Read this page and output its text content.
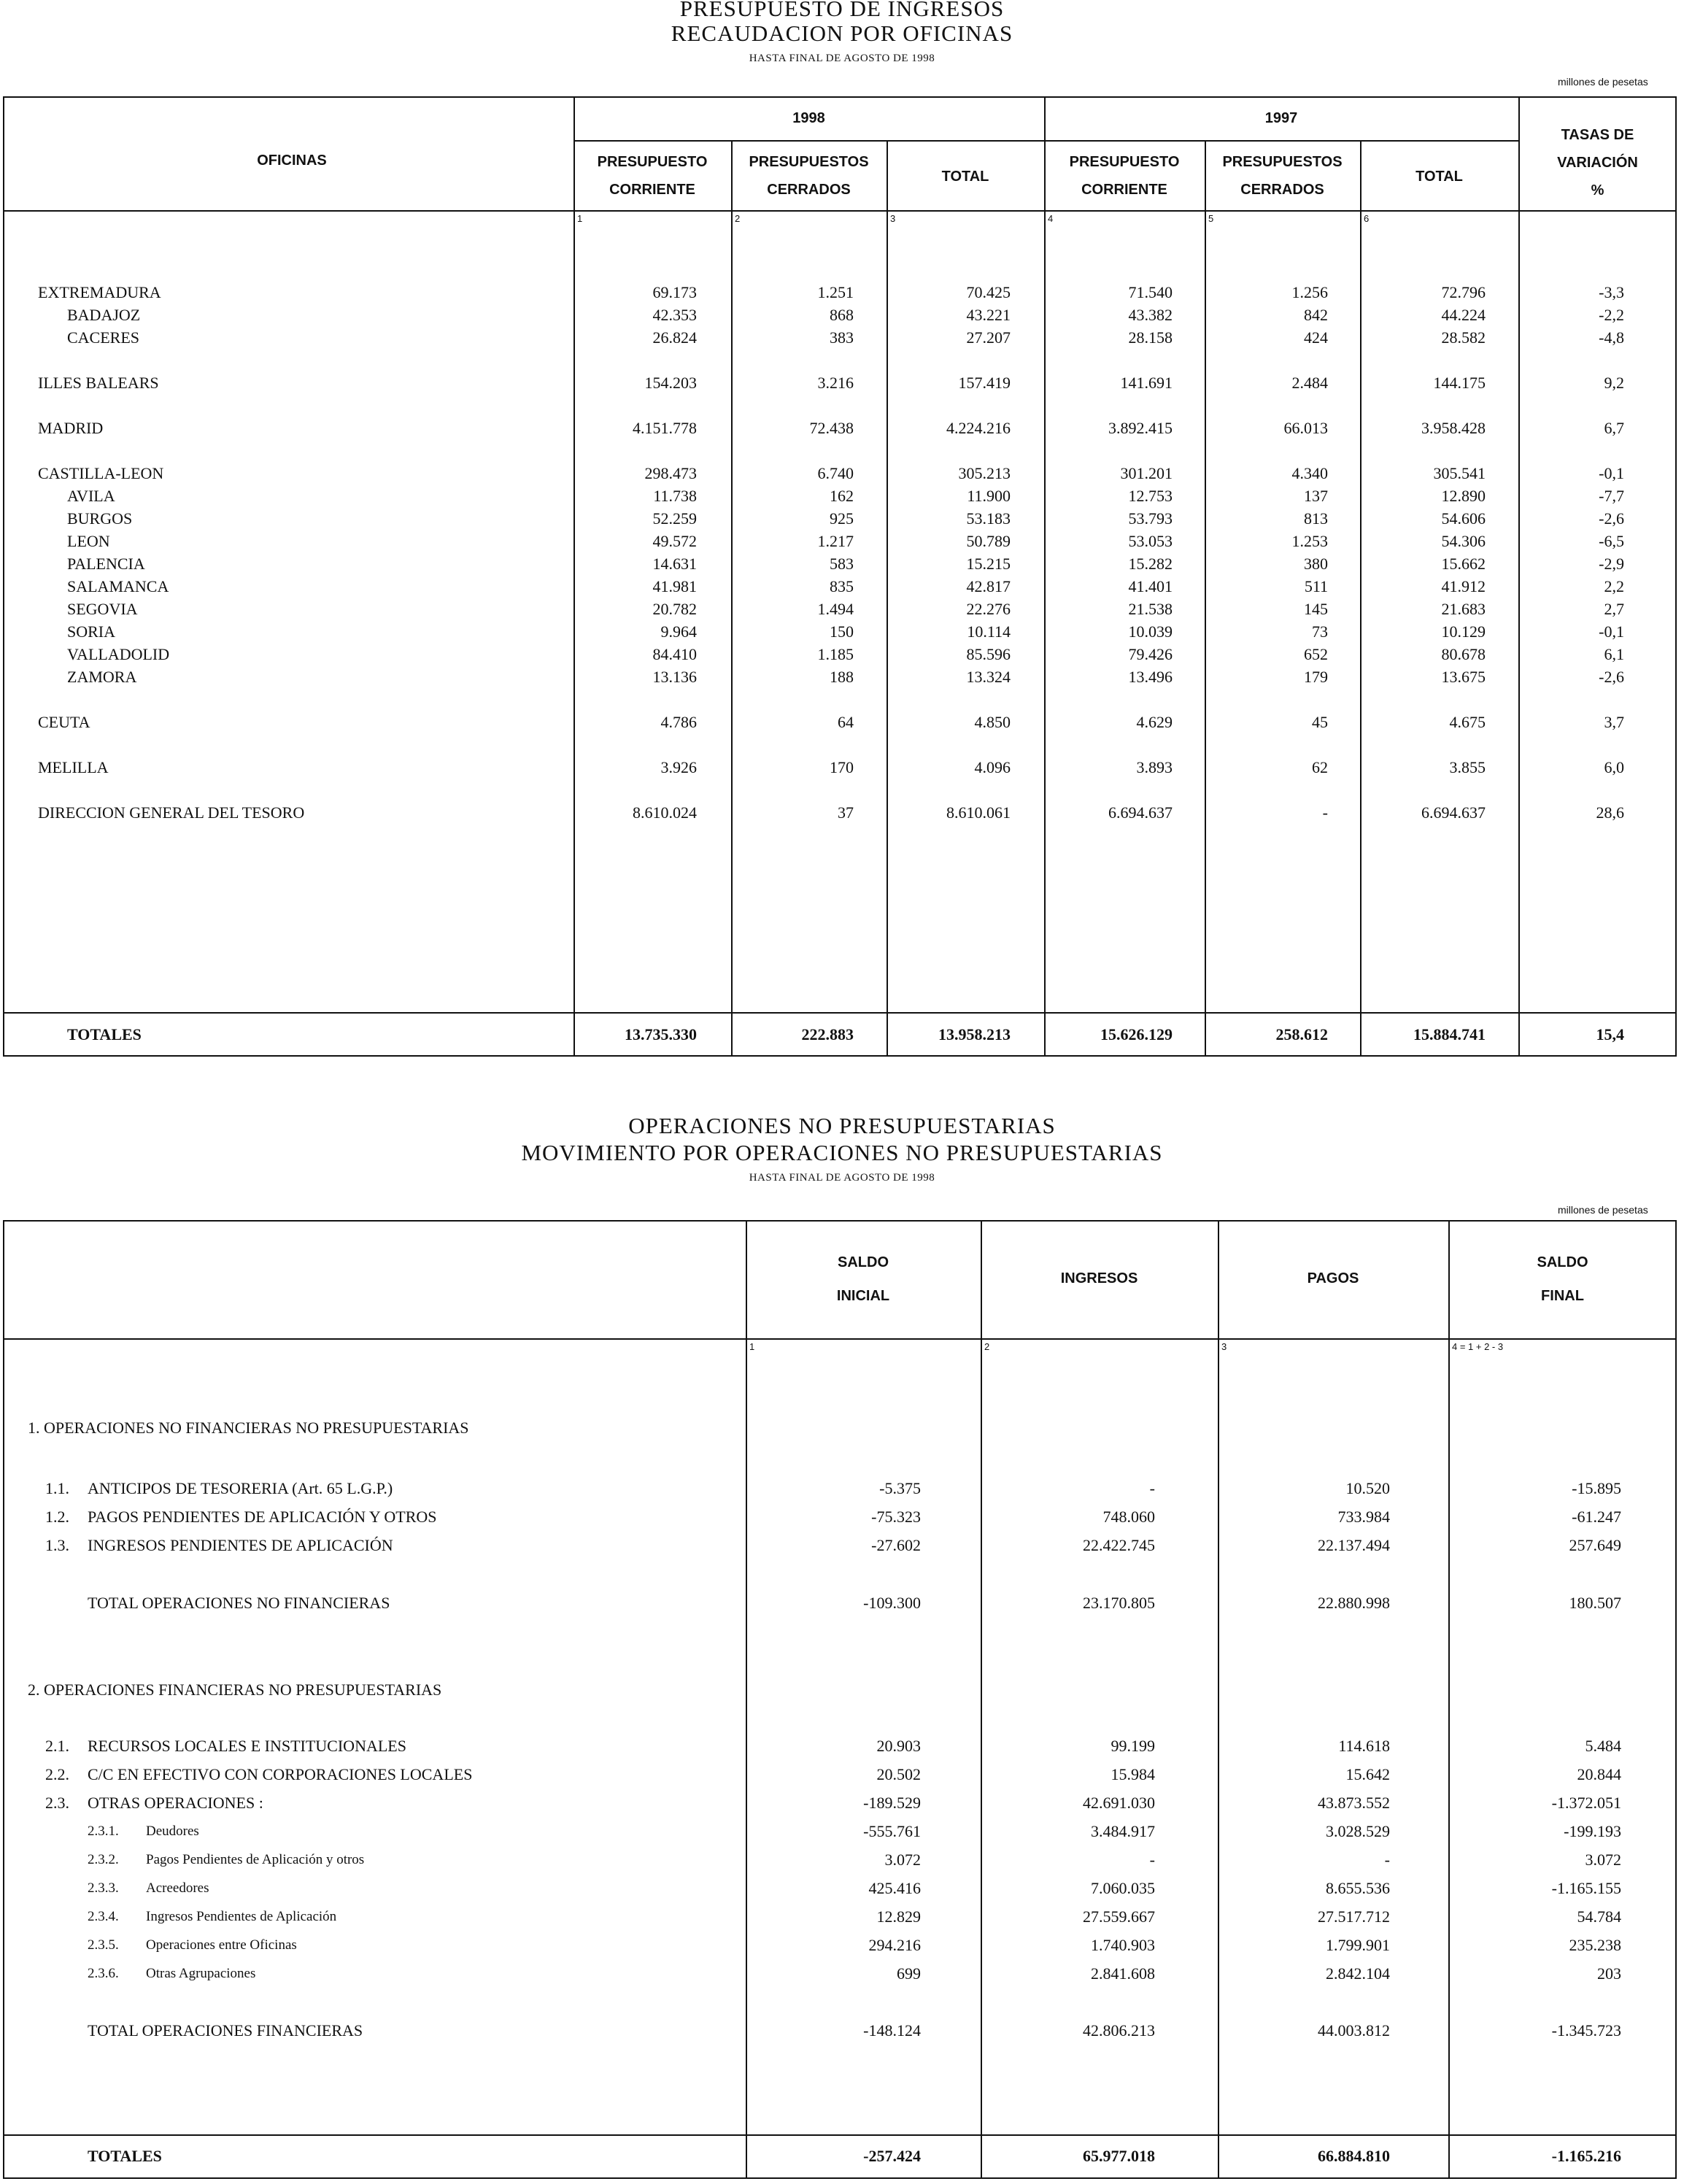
PRESUPUESTO DE INGRESOS
RECAUDACION POR OFICINAS
HASTA FINAL DE AGOSTO DE 1998
millones de pesetas
OFICINAS
1998	1997
PRESUPUESTO
CORRIENTE
PRESUPUESTOS
CERRADOS
TOTAL
PRESUPUESTO
CORRIENTE
PRESUPUESTOS
CERRADOS
TOTAL
TASAS DE
VARIACIÓN
%
1	2	3	4	5	6
EXTREMADURA	69.173	1.251	70.425	71.540	1.256	72.796	-3,3
BADAJOZ	42.353	868	43.221	43.382	842	44.224	-2,2
CACERES	26.824	383	27.207	28.158	424	28.582	-4,8
ILLES BALEARS	154.203	3.216	157.419	141.691	2.484	144.175	9,2
MADRID	4.151.778	72.438	4.224.216	3.892.415	66.013	3.958.428	6,7
CASTILLA-LEON	298.473	6.740	305.213	301.201	4.340	305.541	-0,1
AVILA	11.738	162	11.900	12.753	137	12.890	-7,7
BURGOS	52.259	925	53.183	53.793	813	54.606	-2,6
LEON	49.572	1.217	50.789	53.053	1.253	54.306	-6,5
PALENCIA	14.631	583	15.215	15.282	380	15.662	-2,9
SALAMANCA	41.981	835	42.817	41.401	511	41.912	2,2
SEGOVIA	20.782	1.494	22.276	21.538	145	21.683	2,7
SORIA	9.964	150	10.114	10.039	73	10.129	-0,1
VALLADOLID	84.410	1.185	85.596	79.426	652	80.678	6,1
ZAMORA	13.136	188	13.324	13.496	179	13.675	-2,6
CEUTA	4.786	64	4.850	4.629	45	4.675	3,7
MELILLA	3.926	170	4.096	3.893	62	3.855	6,0
DIRECCION GENERAL DEL TESORO	8.610.024	37	8.610.061	6.694.637	-	6.694.637	28,6
TOTALES	13.735.330	222.883	13.958.213	15.626.129	258.612	15.884.741	15,4
OPERACIONES NO PRESUPUESTARIAS
MOVIMIENTO POR OPERACIONES NO PRESUPUESTARIAS
HASTA FINAL DE AGOSTO DE 1998
millones de pesetas
SALDO
INICIAL
INGRESOS	PAGOS
SALDO
FINAL
1	2	3	4 = 1 + 2 - 3
1. OPERACIONES NO FINANCIERAS NO PRESUPUESTARIAS
2. OPERACIONES FINANCIERAS NO PRESUPUESTARIAS
1.1. ANTICIPOS DE TESORERIA (Art. 65 L.G.P.)	-5.375	-	10.520	-15.895
1.2. PAGOS PENDIENTES DE APLICACIÓN Y OTROS	-75.323	748.060	733.984	-61.247
1.3. INGRESOS PENDIENTES DE APLICACIÓN	-27.602	22.422.745	22.137.494	257.649
TOTAL OPERACIONES NO FINANCIERAS	-109.300	23.170.805	22.880.998	180.507
2.1. RECURSOS LOCALES E INSTITUCIONALES	20.903	99.199	114.618	5.484
2.2. C/C EN EFECTIVO CON CORPORACIONES LOCALES	20.502	15.984	15.642	20.844
2.3. OTRAS OPERACIONES :	-189.529	42.691.030	43.873.552	-1.372.051
2.3.1. Deudores	-555.761	3.484.917	3.028.529	-199.193
2.3.2. Pagos Pendientes de Aplicación y otros	3.072	-	-	3.072
2.3.3. Acreedores	425.416	7.060.035	8.655.536	-1.165.155
2.3.4. Ingresos Pendientes de Aplicación	12.829	27.559.667	27.517.712	54.784
2.3.5. Operaciones entre Oficinas	294.216	1.740.903	1.799.901	235.238
2.3.6. Otras Agrupaciones	699	2.841.608	2.842.104	203
TOTAL OPERACIONES FINANCIERAS	-148.124	42.806.213	44.003.812	-1.345.723
TOTALES	-257.424	65.977.018	66.884.810	-1.165.216
